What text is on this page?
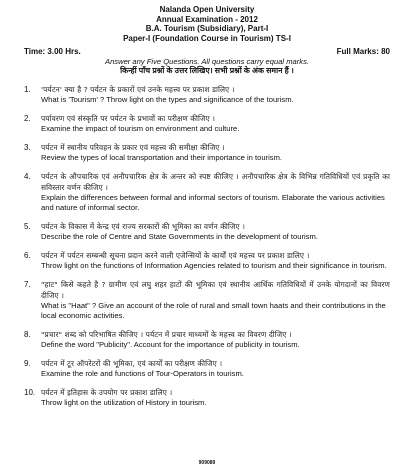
Nalanda Open University
Annual Examination - 2012
B.A. Tourism (Subsidiary), Part-I
Paper-I (Foundation Course in Tourism) TS-I
Time: 3.00 Hrs.	Full Marks: 80
Answer any Five Questions. All questions carry equal marks.
किन्हीं पाँच प्रश्नों के उत्तर लिखिए। सभी प्रश्नों के अंक समान हैं ।
1.	'पर्यटन' क्या है ? पर्यटन के प्रकारों एवं उनके महत्त्व पर प्रकाश डालिए ।
What is 'Tourism' ? Throw light on the types and significance of the tourism.
2.	पर्यावरण एवं संस्कृति पर पर्यटन के प्रभावों का परीक्षण कीजिए ।
Examine the impact of tourism on environment and culture.
3.	पर्यटन में स्थानीय परिवहन के प्रकार एवं महत्त्व की समीक्षा कीजिए ।
Review the types of local transportation and their importance in tourism.
4.	पर्यटन के औपचारिक एवं अनौपचारिक क्षेत्र के अन्तर को स्पष्ट कीजिए । अनौपचारिक क्षेत्र के विभिन्न गतिविधियों एवं प्रकृति का सविस्तार वर्णन कीजिए ।
Explain the differences between formal and informal sectors of tourism. Elaborate the various activities and nature of informal sector.
5.	पर्यटन के विकास में केन्द्र एवं राज्य सरकारों की भूमिका का वर्णन कीजिए ।
Describe the role of Centre and State Governments in the development of tourism.
6.	पर्यटन में पर्यटन सम्बन्धी सूचना प्रदान करने वाली एजेन्सियों के कार्यों एवं महत्त्व पर प्रकाश डालिए ।
Throw light on the functions of Information Agencies related to tourism and their significance in tourism.
7.	"हाट" किसे कहते है ? ग्रामीण एवं लघु शहर हाटों की भूमिका एवं स्थानीय आर्थिक गतिविधियों में उनके योगदानों का विवरण दीजिए ।
What is "Haat" ? Give an account of the role of rural and small town haats and their contributions in the local economic activities.
8.	"प्रचार" शब्द को परिभाषित कीजिए । पर्यटन में प्रचार माध्यमों के महत्त्व का विवरण दीजिए ।
Define the word "Publicity". Account for the importance of publicity in tourism.
9.	पर्यटन में टूर ऑपरेटरों की भूमिका, एवं कार्यों का परीक्षण कीजिए ।
Examine the role and functions of Tour-Operators in tourism.
10. पर्यटन में इतिहास के उपयोग पर प्रकाश डालिए ।
Throw light on the utilization of History in tourism.
909089
